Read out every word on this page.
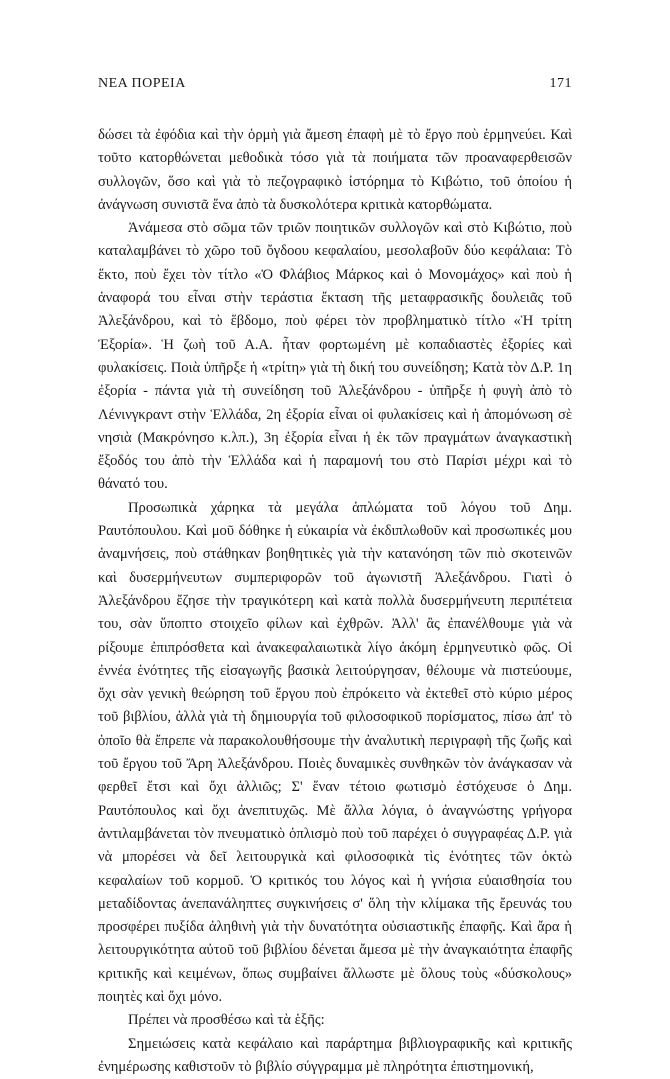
ΝΕΑ ΠΟΡΕΙΑ	171

δώσει τὰ ἐφόδια καὶ τὴν ὁρμὴ γιὰ ἄμεση ἐπαφὴ μὲ τὸ ἔργο ποὺ ἑρμηνεύει. Καὶ τοῦτο κατορθώνεται μεθοδικὰ τόσο γιὰ τὰ ποιήματα τῶν προαναφερθεισῶν συλλογῶν, ὅσο καὶ γιὰ τὸ πεζογραφικὸ ἰστόρημα τὸ Κιβώτιο, τοῦ ὁποίου ἡ ἀνάγνωση συνιστᾶ ἕνα ἀπὸ τὰ δυσκολότερα κριτικὰ κατορθώματα.

Ἀνάμεσα στὸ σῶμα τῶν τριῶν ποιητικῶν συλλογῶν καὶ στὸ Κιβώτιο, ποὺ καταλαμβάνει τὸ χῶρο τοῦ ὄγδοου κεφαλαίου, μεσολαβοῦν δύο κεφάλαια: Τὸ ἕκτο, ποὺ ἔχει τὸν τίτλο «Ὁ Φλάβιος Μάρκος καὶ ὁ Μονομάχος» καὶ ποὺ ἡ ἀναφορά του εἶναι στὴν τεράστια ἔκταση τῆς μεταφρασικῆς δουλειᾶς τοῦ Ἀλεξάνδρου, καὶ τὸ ἕβδομο, ποὺ φέρει τὸν προβληματικὸ τίτλο «Ἡ τρίτη Ἐξορία». Ἡ ζωὴ τοῦ Α.Α. ἦταν φορτωμένη μὲ κοπαδιαστὲς ἐξορίες καὶ φυλακίσεις. Ποιὰ ὑπῆρξε ἡ «τρίτη» γιὰ τὴ δική του συνείδηση; Κατὰ τὸν Δ.Ρ. 1η ἐξορία - πάντα γιὰ τὴ συνείδηση τοῦ Ἀλεξάνδρου - ὑπῆρξε ἡ φυγὴ ἀπὸ τὸ Λένινγκραντ στὴν Ἑλλάδα, 2η ἐξορία εἶναι οἱ φυλακίσεις καὶ ἡ ἀπομόνωση σὲ νησιὰ (Μακρόνησο κ.λπ.), 3η ἐξορία εἶναι ἡ ἐκ τῶν πραγμάτων ἀναγκαστικὴ ἔξοδός του ἀπὸ τὴν Ἑλλάδα καὶ ἡ παραμονή του στὸ Παρίσι μέχρι καὶ τὸ θάνατό του.

Προσωπικὰ χάρηκα τὰ μεγάλα ἁπλώματα τοῦ λόγου τοῦ Δημ. Ραυτόπουλου. Καὶ μοῦ δόθηκε ἡ εὐκαιρία νὰ ἐκδιπλωθοῦν καὶ προσωπικές μου ἀναμνήσεις, ποὺ στάθηκαν βοηθητικὲς γιὰ τὴν κατανόηση τῶν πιὸ σκοτεινῶν καὶ δυσερμήνευτων συμπεριφορῶν τοῦ ἀγωνιστῆ Ἀλεξάνδρου. Γιατὶ ὁ Ἀλεξάνδρου ἔζησε τὴν τραγικότερη καὶ κατὰ πολλὰ δυσερμήνευτη περιπέτεια του, σὰν ὕποπτο στοιχεῖο φίλων καὶ ἐχθρῶν. Ἀλλ' ἂς ἐπανέλθουμε γιὰ νὰ ρίξουμε ἐπιπρόσθετα καὶ ἀνακεφαλαιωτικὰ λίγο ἀκόμη ἑρμηνευτικὸ φῶς. Οἱ ἐννέα ἑνότητες τῆς εἰσαγωγῆς βασικὰ λειτούργησαν, θέλουμε νὰ πιστεύουμε, ὄχι σὰν γενικὴ θεώρηση τοῦ ἔργου ποὺ ἐπρόκειτο νὰ ἐκτεθεῖ στὸ κύριο μέρος τοῦ βιβλίου, ἀλλὰ γιὰ τὴ δημιουργία τοῦ φιλοσοφικοῦ πορίσματος, πίσω ἀπ' τὸ ὁποῖο θὰ ἔπρεπε νὰ παρακολουθήσουμε τὴν ἀναλυτικὴ περιγραφὴ τῆς ζωῆς καὶ τοῦ ἔργου τοῦ Ἄρη Ἀλεξάνδρου. Ποιὲς δυναμικὲς συνθηκῶν τὸν ἀνάγκασαν νὰ φερθεῖ ἔτσι καὶ ὄχι ἀλλιῶς; Σ' ἕναν τέτοιο φωτισμὸ ἐστόχευσε ὁ Δημ. Ραυτόπουλος καὶ ὄχι ἀνεπιτυχῶς. Μὲ ἄλλα λόγια, ὁ ἀναγνώστης γρήγορα ἀντιλαμβάνεται τὸν πνευματικὸ ὁπλισμὸ ποὺ τοῦ παρέχει ὁ συγγραφέας Δ.Ρ. γιὰ νὰ μπορέσει νὰ δεῖ λειτουργικὰ καὶ φιλοσοφικὰ τὶς ἑνότητες τῶν ὀκτὼ κεφαλαίων τοῦ κορμοῦ. Ὁ κριτικός του λόγος καὶ ἡ γνήσια εὐαισθησία του μεταδίδοντας ἀνεπανάληπτες συγκινήσεις σ' ὅλη τὴν κλίμακα τῆς ἔρευνάς του προσφέρει πυξίδα ἀληθινὴ γιὰ τὴν δυνατότητα οὐσιαστικῆς ἐπαφῆς. Καὶ ἄρα ἡ λειτουργικότητα αὐτοῦ τοῦ βιβλίου δένεται ἄμεσα μὲ τὴν ἀναγκαιότητα ἐπαφῆς κριτικῆς καὶ κειμένων, ὅπως συμβαίνει ἄλλωστε μὲ ὅλους τοὺς «δύσκολους» ποιητὲς καὶ ὄχι μόνο.

Πρέπει νὰ προσθέσω καὶ τὰ ἑξῆς:

Σημειώσεις κατὰ κεφάλαιο καὶ παράρτημα βιβλιογραφικῆς καὶ κριτικῆς ἐνημέρωσης καθιστοῦν τὸ βιβλίο σύγγραμμα μὲ πληρότητα ἐπιστημονική,
